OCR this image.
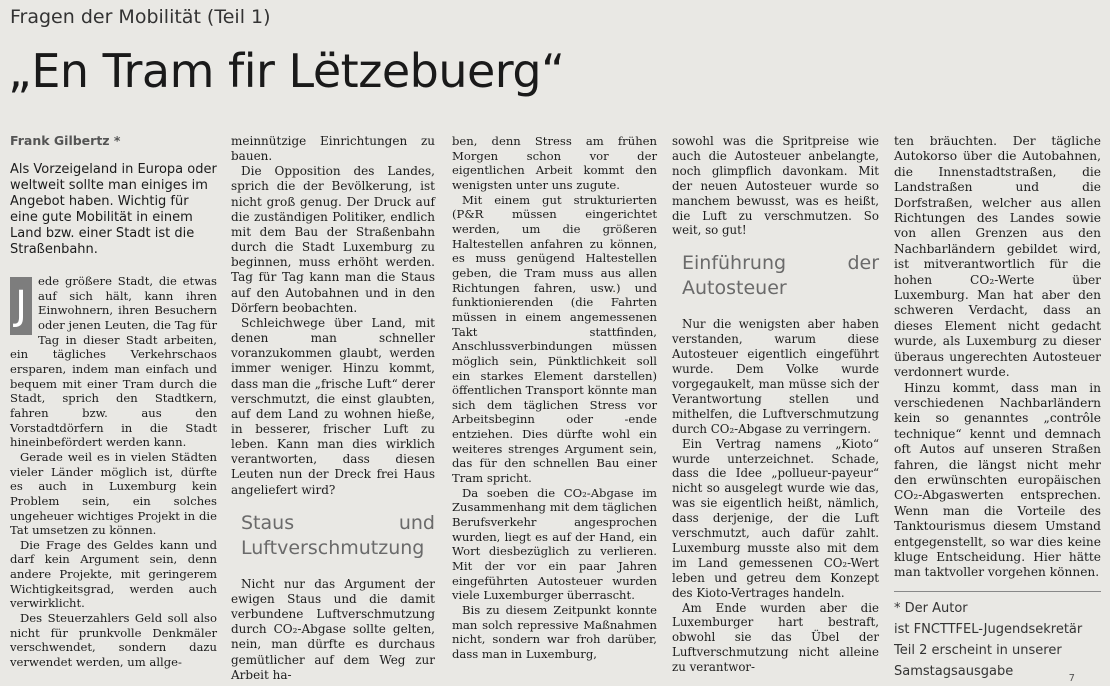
Fragen der Mobilität (Teil 1)
„En Tram fir Lëtzebuerg“
Frank Gilbertz *
Als Vorzeigeland in Europa oder weltweit sollte man einiges im Angebot haben. Wichtig für eine gute Mobilität in einem Land bzw. einer Stadt ist die Straßenbahn.

J
ede größere Stadt, die etwas auf sich hält, kann ihren Einwohnern, ihren Besuchern oder jenen Leuten, die Tag für Tag in dieser Stadt arbeiten, ein tägliches Verkehrschaos ersparen, indem man einfach und bequem mit einer Tram durch die Stadt, sprich den Stadtkern, fahren bzw. aus den Vorstadtdörfern in die Stadt hineinbefördert werden kann.

Gerade weil es in vielen Städten vieler Länder möglich ist, dürfte es auch in Luxemburg kein Problem sein, ein solches ungeheuer wichtiges Projekt in die Tat umsetzen zu können.

Die Frage des Geldes kann und darf kein Argument sein, denn andere Projekte, mit geringerem Wichtigkeitsgrad, werden auch verwirklicht.

Des Steuerzahlers Geld soll also nicht für prunkvolle Denkmäler verschwendet, sondern dazu verwendet werden, um allge-

meinnützige Einrichtungen zu bauen.

Die Opposition des Landes, sprich die der Bevölkerung, ist nicht groß genug. Der Druck auf die zuständigen Politiker, endlich mit dem Bau der Straßenbahn durch die Stadt Luxemburg zu beginnen, muss erhöht werden. Tag für Tag kann man die Staus auf den Autobahnen und in den Dörfern beobachten.

Schleichwege über Land, mit denen man schneller voranzukommen glaubt, werden immer weniger. Hinzu kommt, dass man die „frische Luft“ derer verschmutzt, die einst glaubten, auf dem Land zu wohnen hieße, in besserer, frischer Luft zu leben. Kann man dies wirklich verantworten, dass diesen Leuten nun der Dreck frei Haus angeliefert wird?

Staus und Luftverschmutzung

Nicht nur das Argument der ewigen Staus und die damit verbundene Luftverschmutzung durch CO₂-Abgase sollte gelten, nein, man dürfte es durchaus gemütlicher auf dem Weg zur Arbeit ha-

ben, denn Stress am frühen Morgen schon vor der eigentlichen Arbeit kommt den wenigsten unter uns zugute.

Mit einem gut strukturierten (P&R müssen eingerichtet werden, um die größeren Haltestellen anfahren zu können, es muss genügend Haltestellen geben, die Tram muss aus allen Richtungen fahren, usw.) und funktionierenden (die Fahrten müssen in einem angemessenen Takt stattfinden, Anschlussverbindungen müssen möglich sein, Pünktlichkeit soll ein starkes Element darstellen) öffentlichen Transport könnte man sich dem täglichen Stress vor Arbeitsbeginn oder -ende entziehen. Dies dürfte wohl ein weiteres strenges Argument sein, das für den schnellen Bau einer Tram spricht.

Da soeben die CO₂-Abgase im Zusammenhang mit dem täglichen Berufsverkehr angesprochen wurden, liegt es auf der Hand, ein Wort diesbezüglich zu verlieren. Mit der vor ein paar Jahren eingeführten Autosteuer wurden viele Luxemburger überrascht.

Bis zu diesem Zeitpunkt konnte man solch repressive Maßnahmen nicht, sondern war froh darüber, dass man in Luxemburg,

sowohl was die Spritpreise wie auch die Autosteuer anbelangte, noch glimpflich davonkam. Mit der neuen Autosteuer wurde so manchem bewusst, was es heißt, die Luft zu verschmutzen. So weit, so gut!

Einführung der Autosteuer

Nur die wenigsten aber haben verstanden, warum diese Autosteuer eigentlich eingeführt wurde. Dem Volke wurde vorgegaukelt, man müsse sich der Verantwortung stellen und mithelfen, die Luftverschmutzung durch CO₂-Abgase zu verringern.

Ein Vertrag namens „Kioto“ wurde unterzeichnet. Schade, dass die Idee „pollueur-payeur“ nicht so ausgelegt wurde wie das, was sie eigentlich heißt, nämlich, dass derjenige, der die Luft verschmutzt, auch dafür zahlt. Luxemburg musste also mit dem im Land gemessenen CO₂-Wert leben und getreu dem Konzept des Kioto-Vertrages handeln.

Am Ende wurden aber die Luxemburger hart bestraft, obwohl sie das Übel der Luftverschmutzung nicht alleine zu verantwor-

ten bräuchten. Der tägliche Autokorso über die Autobahnen, die Innenstadtstraßen, die Landstraßen und die Dorfstraßen, welcher aus allen Richtungen des Landes sowie von allen Grenzen aus den Nachbarländern gebildet wird, ist mitverantwortlich für die hohen CO₂-Werte über Luxemburg. Man hat aber den schweren Verdacht, dass an dieses Element nicht gedacht wurde, als Luxemburg zu dieser überaus ungerechten Autosteuer verdonnert wurde.

Hinzu kommt, dass man in verschiedenen Nachbarländern kein so genanntes „contrôle technique“ kennt und demnach oft Autos auf unseren Straßen fahren, die längst nicht mehr den erwünschten europäischen CO₂-Abgaswerten entsprechen. Wenn man die Vorteile des Tanktourismus diesem Umstand entgegenstellt, so war dies keine kluge Entscheidung. Hier hätte man taktvoller vorgehen können.

* Der Autor
ist FNCTTFEL-Jugendsekretär
Teil 2 erscheint in unserer
Samstagsausgabe	7
